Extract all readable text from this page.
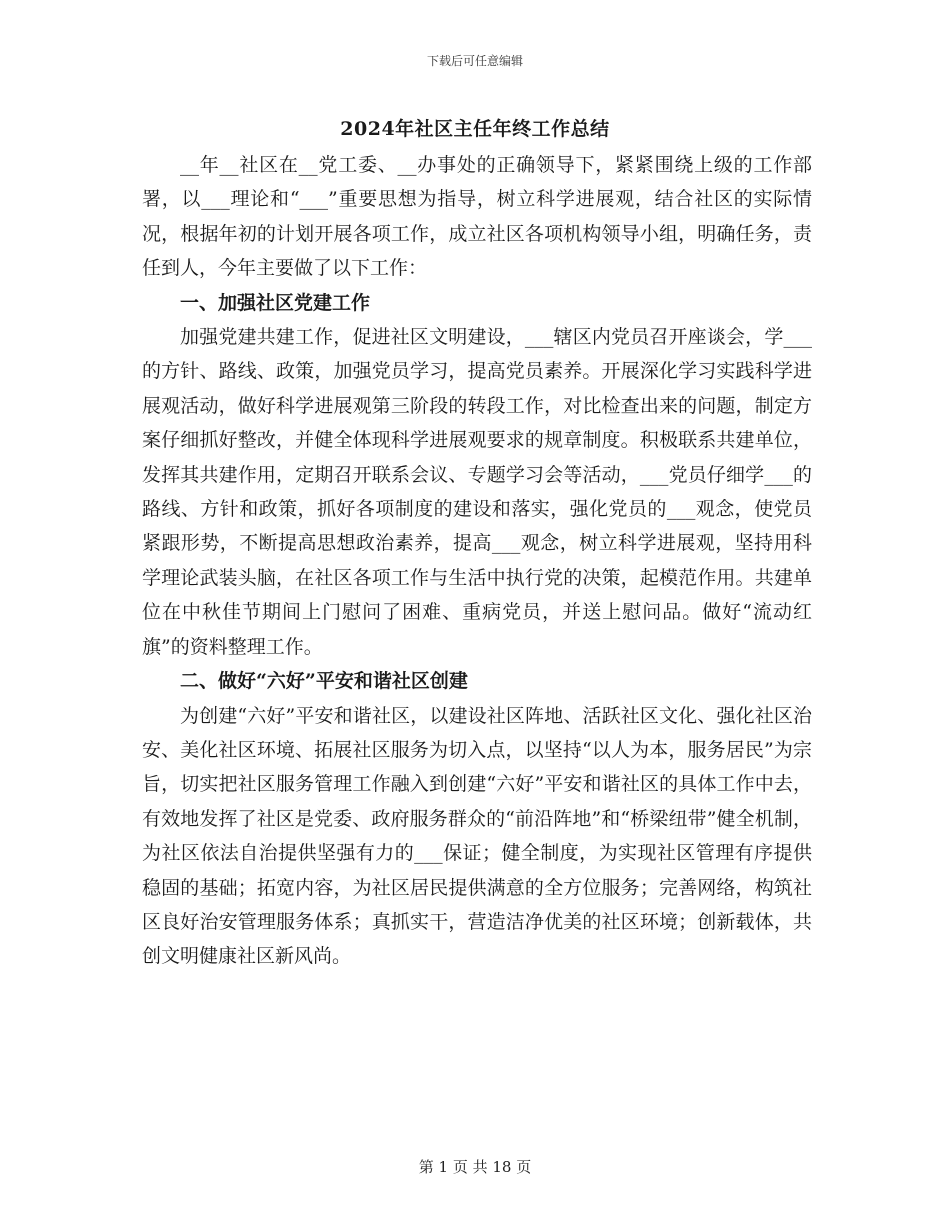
下载后可任意编辑
2024年社区主任年终工作总结

__年__社区在__党工委、__办事处的正确领导下，紧紧围绕上级的工作部署，以___理论和“___”重要思想为指导，树立科学进展观，结合社区的实际情况，根据年初的计划开展各项工作，成立社区各项机构领导小组，明确任务，责任到人，今年主要做了以下工作：

一、加强社区党建工作

加强党建共建工作，促进社区文明建设，___辖区内党员召开座谈会，学___的方针、路线、政策，加强党员学习，提高党员素养。开展深化学习实践科学进展观活动，做好科学进展观第三阶段的转段工作，对比检查出来的问题，制定方案仔细抓好整改，并健全体现科学进展观要求的规章制度。积极联系共建单位，发挥其共建作用，定期召开联系会议、专题学习会等活动，___党员仔细学___的路线、方针和政策，抓好各项制度的建设和落实，强化党员的___观念，使党员紧跟形势，不断提高思想政治素养，提高___观念，树立科学进展观，坚持用科学理论武装头脑，在社区各项工作与生活中执行党的决策，起模范作用。共建单位在中秋佳节期间上门慰问了困难、重病党员，并送上慰问品。做好“流动红旗”的资料整理工作。

二、做好“六好”平安和谐社区创建

为创建“六好”平安和谐社区，以建设社区阵地、活跃社区文化、强化社区治安、美化社区环境、拓展社区服务为切入点，以坚持“以人为本，服务居民”为宗旨，切实把社区服务管理工作融入到创建“六好”平安和谐社区的具体工作中去，有效地发挥了社区是党委、政府服务群众的“前沿阵地”和“桥梁纽带”健全机制，为社区依法自治提供坚强有力的___保证；健全制度，为实现社区管理有序提供稳固的基础；拓宽内容，为社区居民提供满意的全方位服务；完善网络，构筑社区良好治安管理服务体系；真抓实干，营造洁净优美的社区环境；创新载体，共创文明健康社区新风尚。

第 1 页 共 18 页
